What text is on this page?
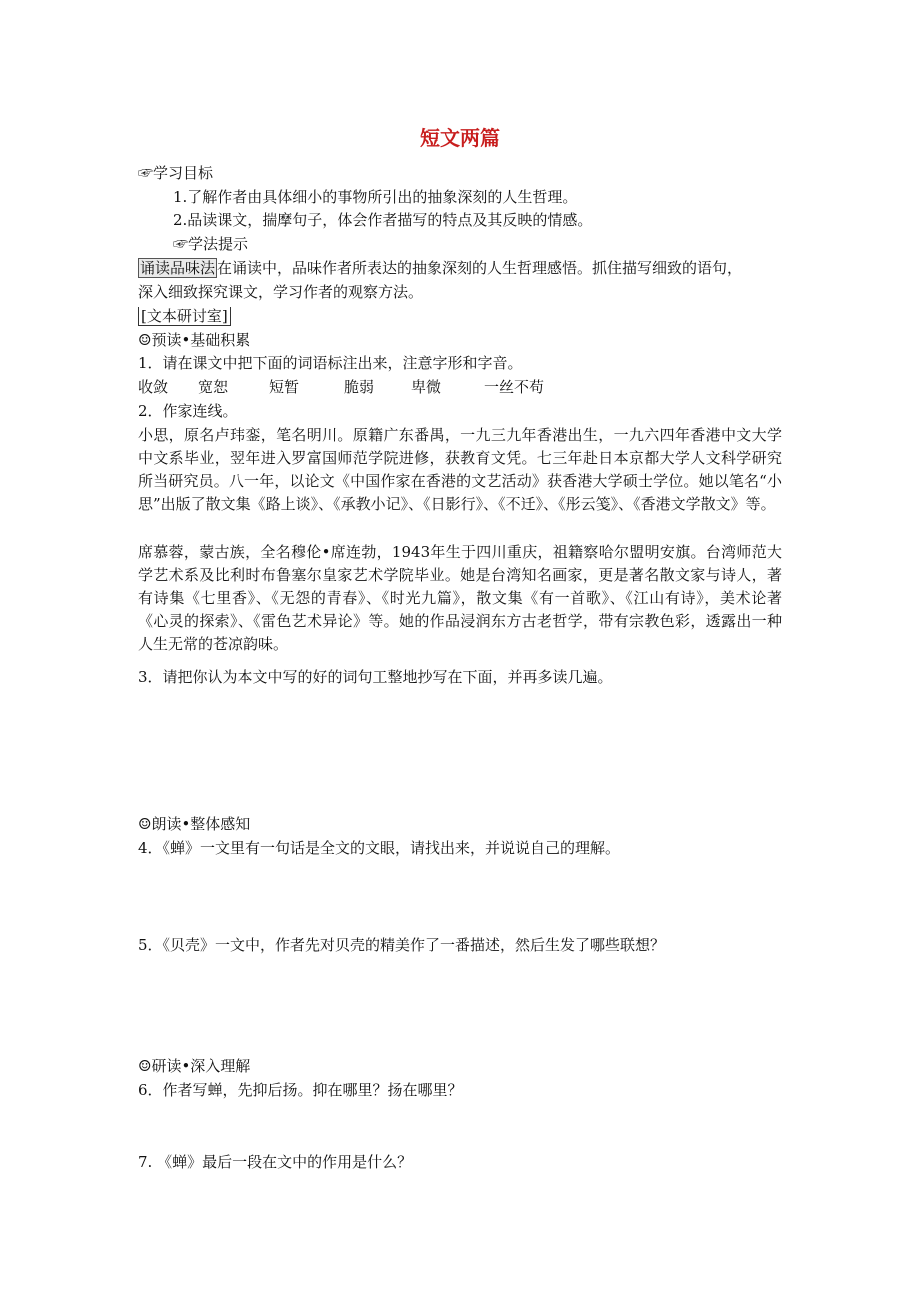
短文两篇
☞学习目标
1.了解作者由具体细小的事物所引出的抽象深刻的人生哲理。
2.品读课文，揣摩句子，体会作者描写的特点及其反映的情感。
☞学法提示
诵读品味法 在诵读中，品味作者所表达的抽象深刻的人生哲理感悟。抓住描写细致的语句，
深入细致探究课文，学习作者的观察方法。
[文本研讨室]
☺预读•基础积累
1．请在课文中把下面的词语标注出来，注意字形和字音。
收敛 宽恕	短暂	脆弱 卑微	一丝不苟
2．作家连线。
小思，原名卢玮銮，笔名明川。原籍广东番禺，一九三九年香港出生，一九六四年香港中文大学中文系毕业，翌年进入罗富国师范学院进修，获教育文凭。七三年赴日本京都大学人文科学研究所当研究员。八一年，以论文《中国作家在香港的文艺活动》获香港大学硕士学位。她以笔名“小思”出版了散文集《路上谈》、《承教小记》、《日影行》、《不迁》、《彤云笺》、《香港文学散文》等。
席慕蓉，蒙古族，全名穆伦•席连勃，1943年生于四川重庆，祖籍察哈尔盟明安旗。台湾师范大学艺术系及比利时布鲁塞尔皇家艺术学院毕业。她是台湾知名画家，更是著名散文家与诗人，著有诗集《七里香》、《无怨的青春》、《时光九篇》，散文集《有一首歌》、《江山有诗》，美术论著《心灵的探索》、《雷色艺术异论》等。她的作品浸润东方古老哲学，带有宗教色彩，透露出一种人生无常的苍凉韵味。
3．请把你认为本文中写的好的词句工整地抄写在下面，并再多读几遍。
☺朗读•整体感知
4．《蝉》一文里有一句话是全文的文眼，请找出来，并说说自己的理解。
5．《贝壳》一文中，作者先对贝壳的精美作了一番描述，然后生发了哪些联想？
☺研读•深入理解
6．作者写蝉，先抑后扬。抑在哪里？扬在哪里？
7. 《蝉》最后一段在文中的作用是什么？
